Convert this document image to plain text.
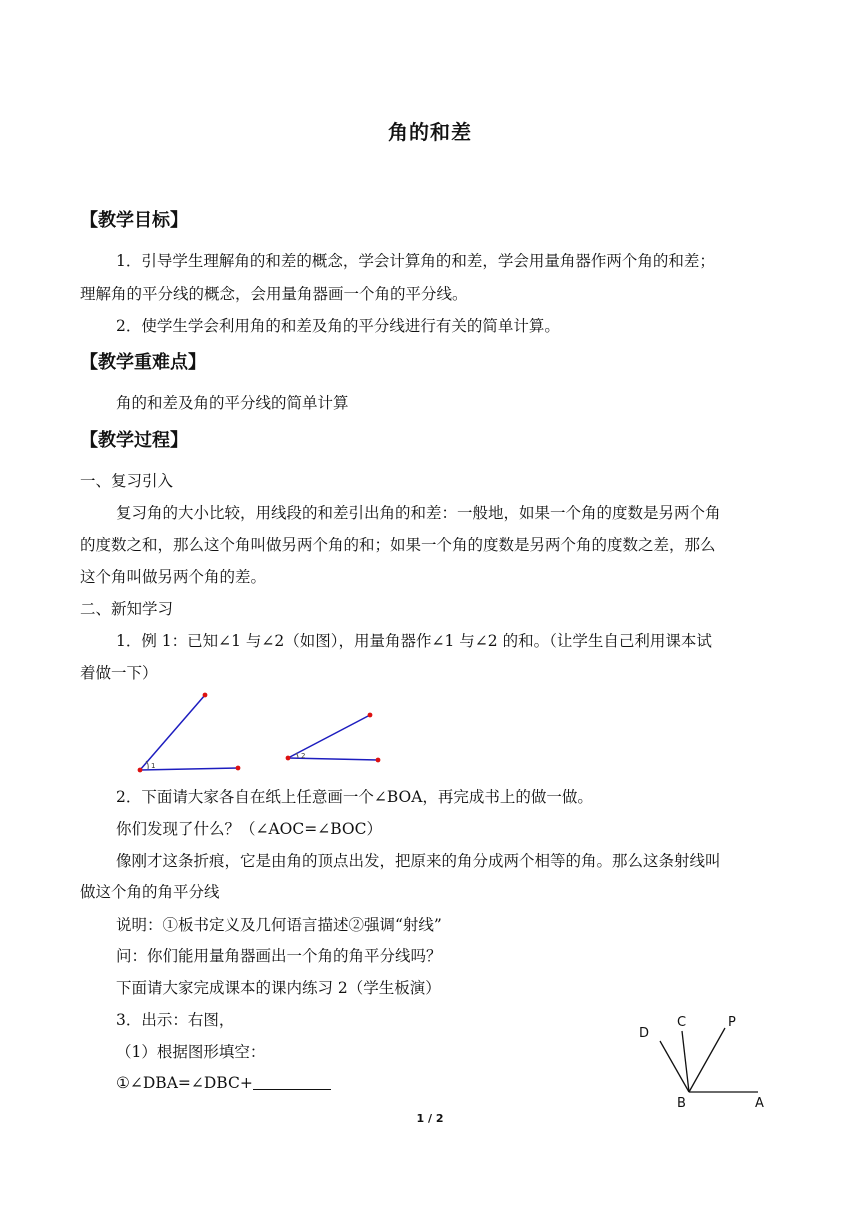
角的和差
【教学目标】
1．引导学生理解角的和差的概念，学会计算角的和差，学会用量角器作两个角的和差；
理解角的平分线的概念，会用量角器画一个角的平分线。
2．使学生学会利用角的和差及角的平分线进行有关的简单计算。
【教学重难点】
角的和差及角的平分线的简单计算
【教学过程】
一、复习引入
复习角的大小比较，用线段的和差引出角的和差：一般地，如果一个角的度数是另两个角
的度数之和，那么这个角叫做另两个角的和；如果一个角的度数是另两个角的度数之差，那么
这个角叫做另两个角的差。
二、新知学习
1．例 1：已知∠1 与∠2（如图），用量角器作∠1 与∠2 的和。（让学生自己利用课本试
着做一下）
1
2
2．下面请大家各自在纸上任意画一个∠BOA，再完成书上的做一做。
你们发现了什么？（∠AOC=∠BOC）
像刚才这条折痕，它是由角的顶点出发，把原来的角分成两个相等的角。那么这条射线叫
做这个角的角平分线
说明：①板书定义及几何语言描述②强调“射线”
问：你们能用量角器画出一个角的角平分线吗？
下面请大家完成课本的课内练习 2（学生板演）
3．出示：右图，
（1）根据图形填空：
①∠DBA=∠DBC+
D
C	P
B	A
1 / 2
